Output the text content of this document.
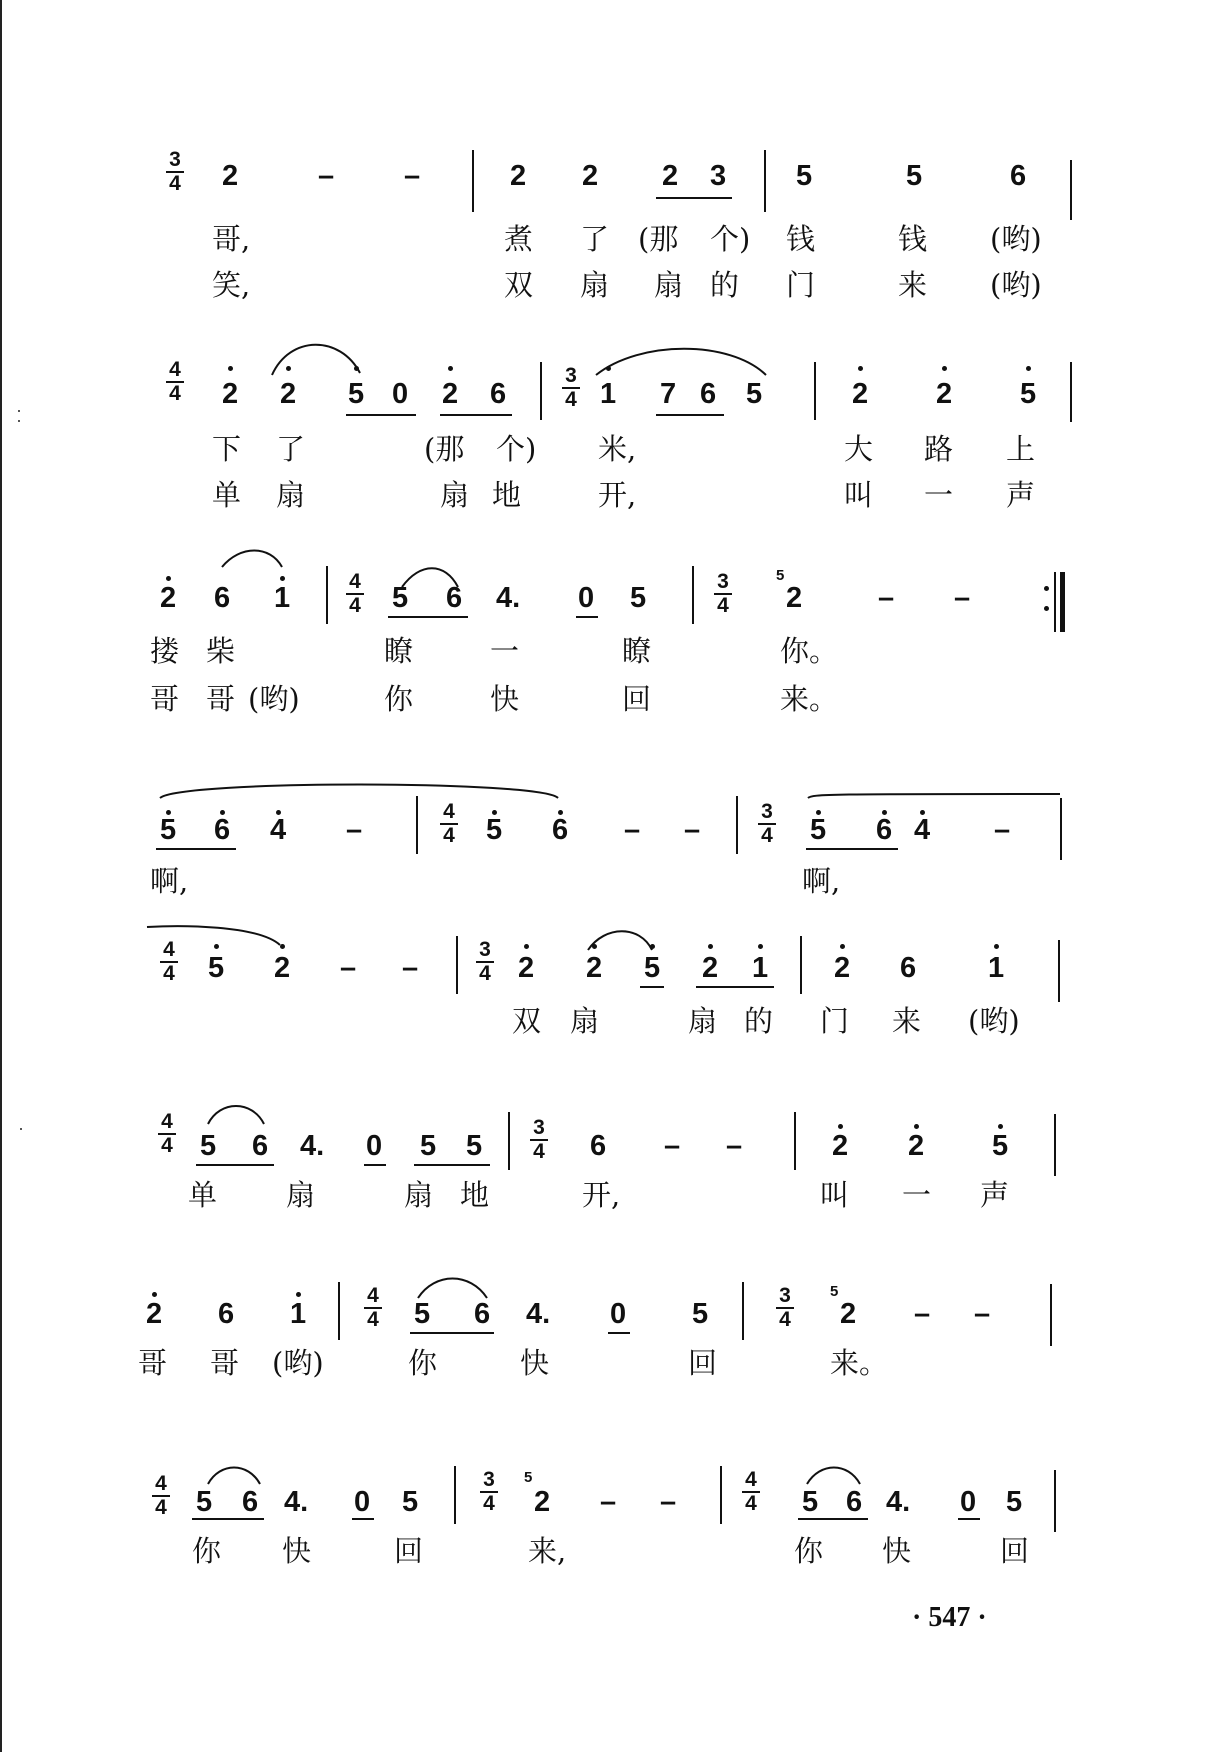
3
4 2	– –	2 2 2 3 5	5	6
哥,	煮 了 (那 个) 钱	钱 (哟)
笑,	双 扇 扇 的 门	来 (哟)
4
4 2 2 5 0 2 6
3
4 1 7 6 5	2 2 5
下 了	(那 个) 米,	大 路 上
单 扇	扇 地	开,	叫 一 声
2 6 1
4
4 5 6 4. 0 5
3
4
5
2	– –
搂 柴	瞭	一	瞭	你。
哥 哥 (哟)	你	快	回	来。
5 6 4 –
4
4 5 6 – –
3
4 5 6 4 –
啊,	啊,
4
4 5 2 – –
3
4 2 2 5 2 1 2 6 1
双 扇	扇 的 门 来 (哟)
4
4 5 6 4. 0 5 5
3
4 6 – –	2 2 5
单 扇	扇 地	开,	叫 一 声
2 6 1
4
4 5 6 4. 0 5
3
4
5
2 – –
哥 哥 (哟)	你	快	回	来。
4
4 5 6 4. 0 5
3
4
5
2 – –
4
4 5 6 4. 0 5
你 快	回	来,	你 快	回
· 547 ·
